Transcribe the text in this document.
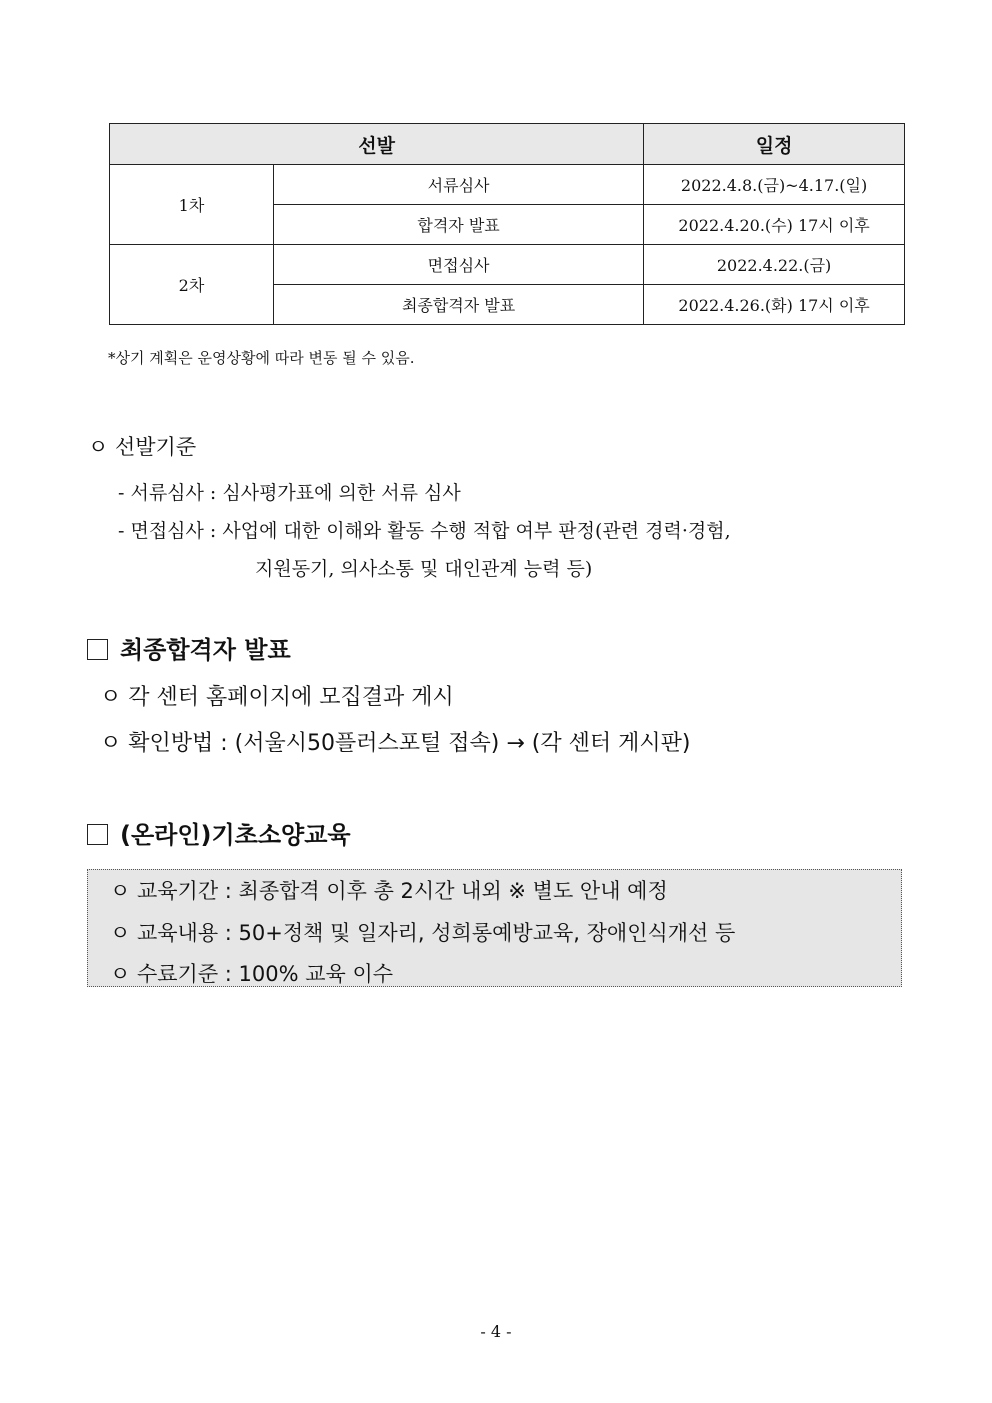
선발		일정
1차	서류심사	2022.4.8.(금)~4.17.(일)
	합격자 발표	2022.4.20.(수) 17시 이후
2차	면접심사	2022.4.22.(금)
	최종합격자 발표	2022.4.26.(화) 17시 이후
*상기 계획은 운영상황에 따라 변동 될 수 있음.
ㅇ 선발기준
- 서류심사 : 심사평가표에 의한 서류 심사
- 면접심사 : 사업에 대한 이해와 활동 수행 적합 여부 판정(관련 경력·경험,
지원동기, 의사소통 및 대인관계 능력 등)
최종합격자 발표
ㅇ 각 센터 홈페이지에 모집결과 게시
ㅇ 확인방법 : (서울시50플러스포털 접속) → (각 센터 게시판)
(온라인)기초소양교육
ㅇ 교육기간 : 최종합격 이후 총 2시간 내외 ※ 별도 안내 예정
ㅇ 교육내용 : 50+정책 및 일자리, 성희롱예방교육, 장애인식개선 등
ㅇ 수료기준 : 100% 교육 이수
- 4 -
